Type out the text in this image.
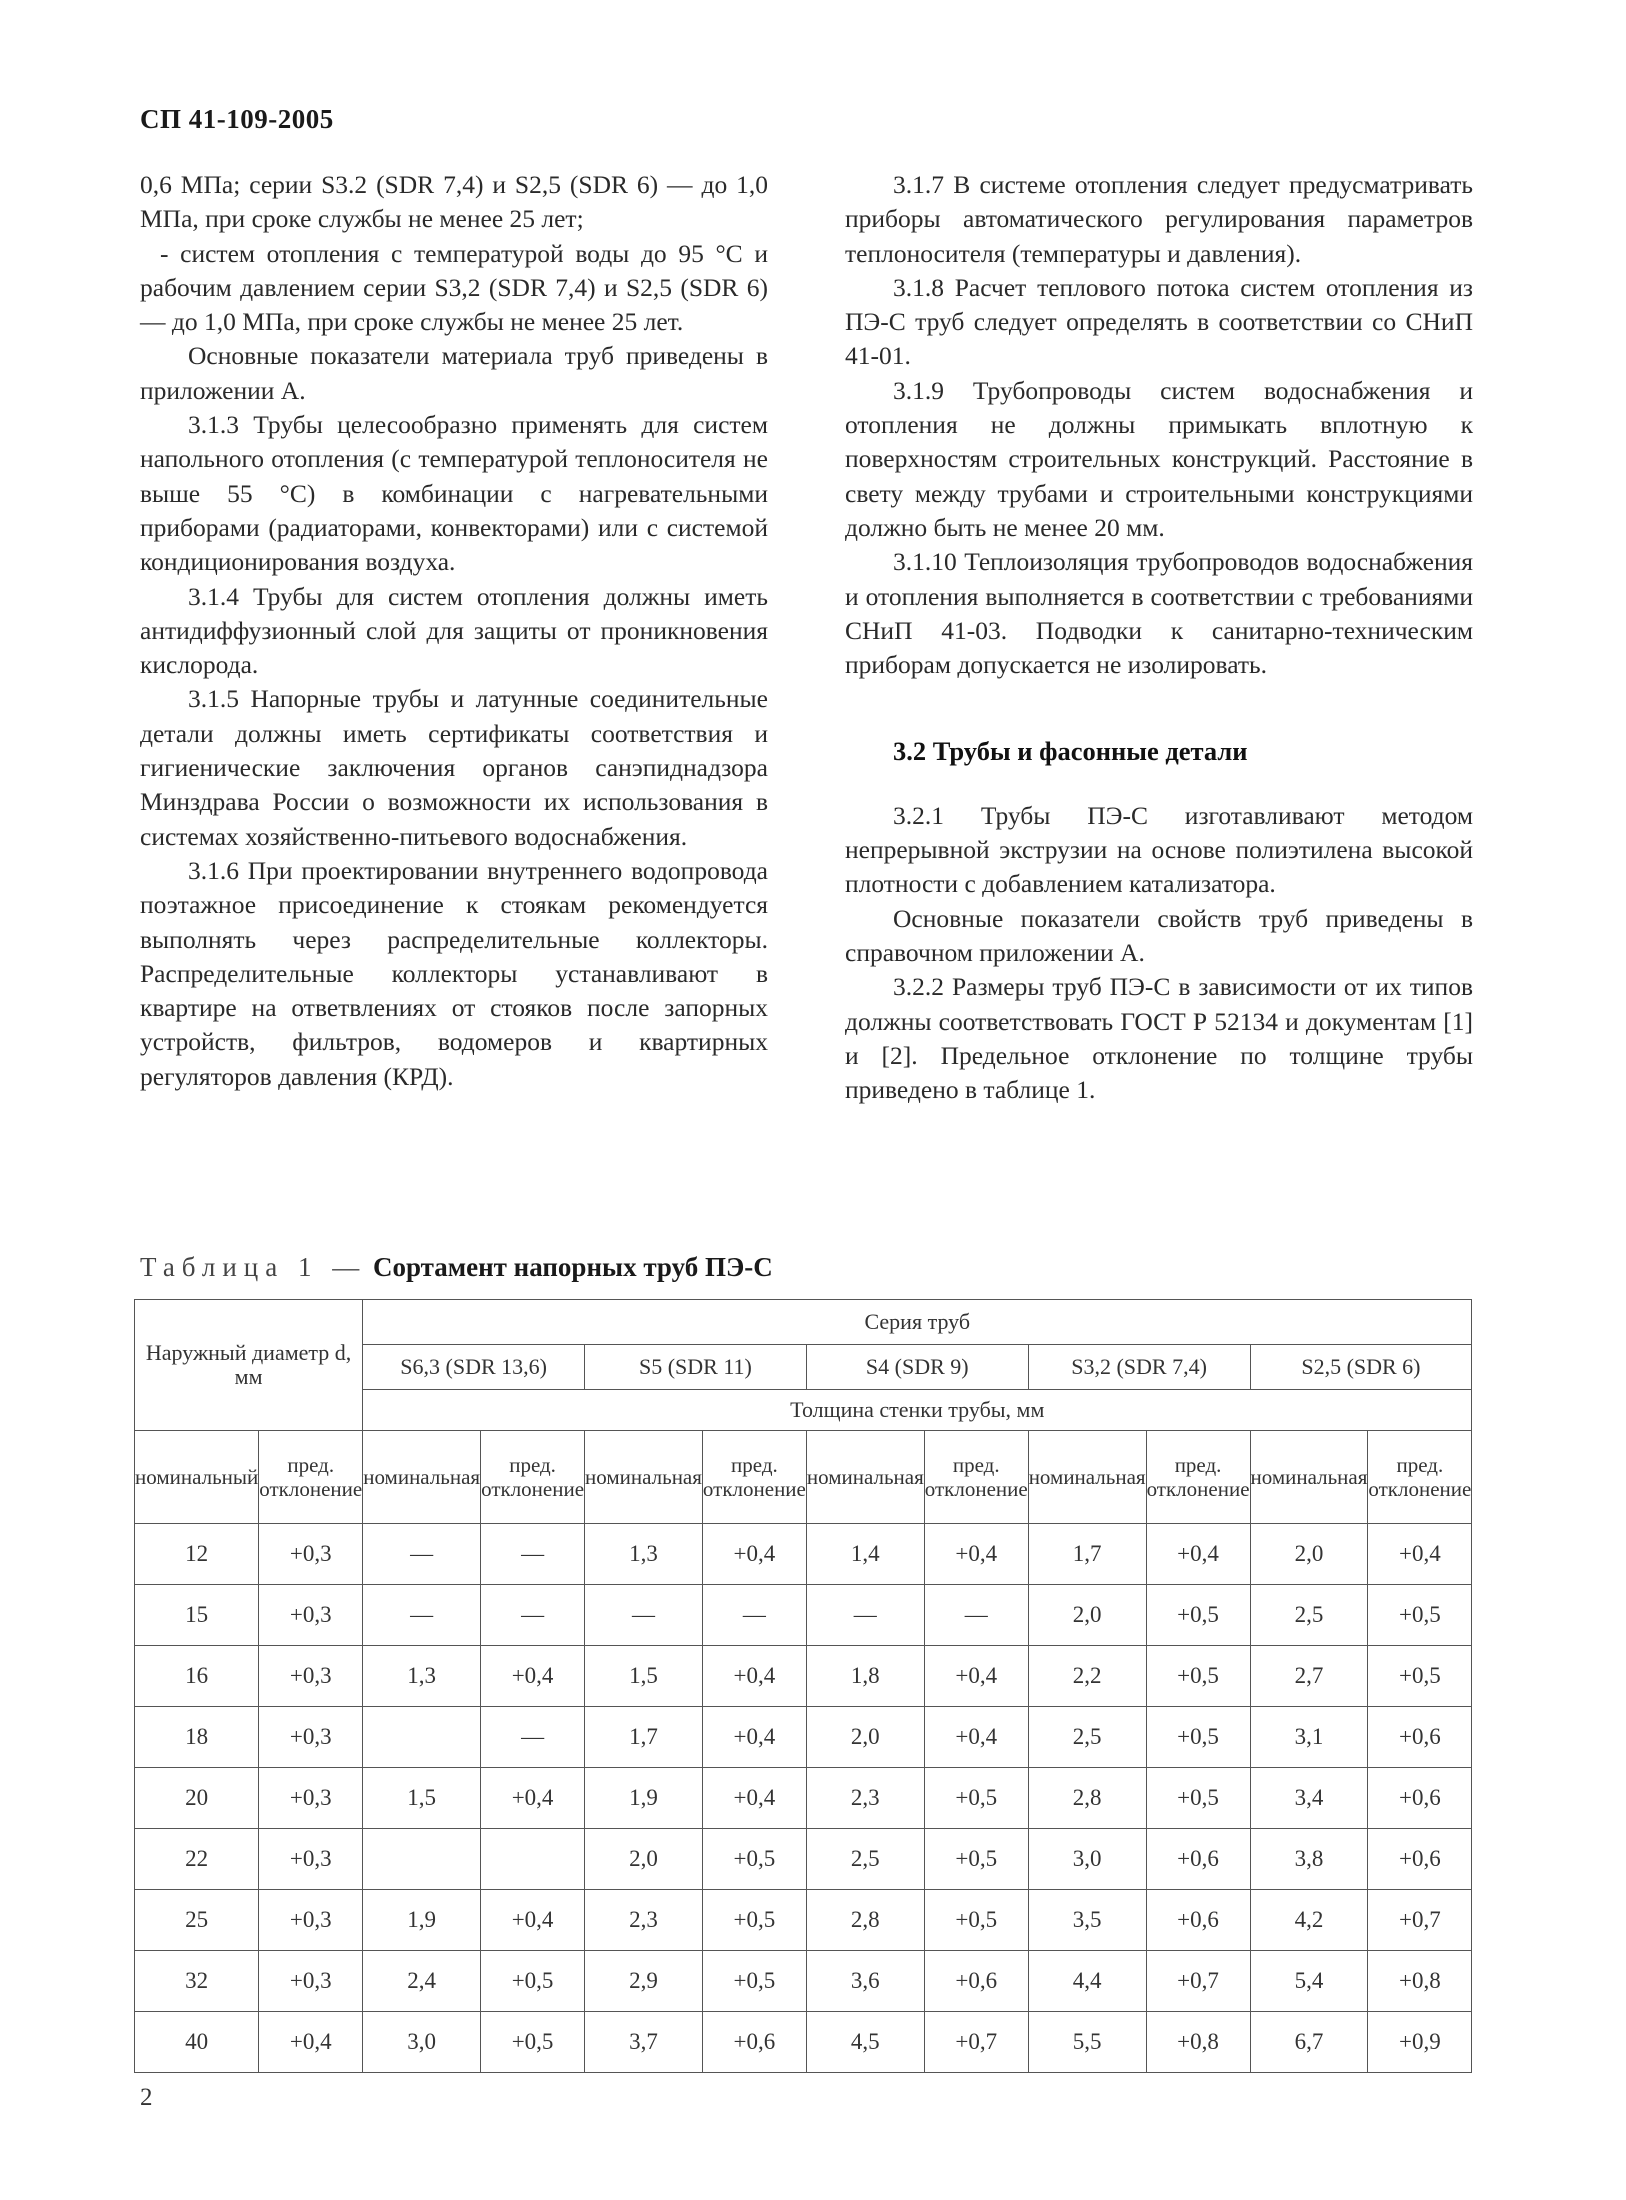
СП 41-109-2005

0,6 МПа; серии S3.2 (SDR 7,4) и S2,5 (SDR 6) — до 1,0 МПа, при сроке службы не менее 25 лет;

- систем отопления с температурой воды до 95 °С и рабочим давлением серии S3,2 (SDR 7,4) и S2,5 (SDR 6) — до 1,0 МПа, при сроке службы не менее 25 лет.

Основные показатели материала труб приведены в приложении А.

3.1.3 Трубы целесообразно применять для систем напольного отопления (с температурой теплоносителя не выше 55 °С) в комбинации с нагревательными приборами (радиаторами, конвекторами) или с системой кондиционирования воздуха.

3.1.4 Трубы для систем отопления должны иметь антидиффузионный слой для защиты от проникновения кислорода.

3.1.5 Напорные трубы и латунные соединительные детали должны иметь сертификаты соответствия и гигиенические заключения органов санэпиднадзора Минздрава России о возможности их использования в системах хозяйственно-питьевого водоснабжения.

3.1.6 При проектировании внутреннего водопровода поэтажное присоединение к стоякам рекомендуется выполнять через распределительные коллекторы. Распределительные коллекторы устанавливают в квартире на ответвлениях от стояков после запорных устройств, фильтров, водомеров и квартирных регуляторов давления (КРД).

3.1.7 В системе отопления следует предусматривать приборы автоматического регулирования параметров теплоносителя (температуры и давления).

3.1.8 Расчет теплового потока систем отопления из ПЭ-С труб следует определять в соответствии со СНиП 41-01.

3.1.9 Трубопроводы систем водоснабжения и отопления не должны примыкать вплотную к поверхностям строительных конструкций. Расстояние в свету между трубами и строительными конструкциями должно быть не менее 20 мм.

3.1.10 Теплоизоляция трубопроводов водоснабжения и отопления выполняется в соответствии с требованиями СНиП 41-03. Подводки к санитарно-техническим приборам допускается не изолировать.

3.2 Трубы и фасонные детали

3.2.1 Трубы ПЭ-С изготавливают методом непрерывной экструзии на основе полиэтилена высокой плотности с добавлением катализатора.

Основные показатели свойств труб приведены в справочном приложении А.

3.2.2 Размеры труб ПЭ-С в зависимости от их типов должны соответствовать ГОСТ Р 52134 и документам [1] и [2]. Предельное отклонение по толщине трубы приведено в таблице 1.

Таблица 1 — Сортамент напорных труб ПЭ-С
Наружный диаметр d, мм		Серия труб									
		S6,3 (SDR 13,6)		S5 (SDR 11)		S4 (SDR 9)		S3,2 (SDR 7,4)		S2,5 (SDR 6)	
		Толщина стенки трубы, мм									
номинальный	пред. отклонение	номинальная	пред. отклонение	номинальная	пред. отклонение	номинальная	пред. отклонение	номинальная	пред. отклонение	номинальная	пред. отклонение
12	+0,3	—	—	1,3	+0,4	1,4	+0,4	1,7	+0,4	2,0	+0,4
15	+0,3	—	—	—	—	—	—	2,0	+0,5	2,5	+0,5
16	+0,3	1,3	+0,4	1,5	+0,4	1,8	+0,4	2,2	+0,5	2,7	+0,5
18	+0,3		—	1,7	+0,4	2,0	+0,4	2,5	+0,5	3,1	+0,6
20	+0,3	1,5	+0,4	1,9	+0,4	2,3	+0,5	2,8	+0,5	3,4	+0,6
22	+0,3			2,0	+0,5	2,5	+0,5	3,0	+0,6	3,8	+0,6
25	+0,3	1,9	+0,4	2,3	+0,5	2,8	+0,5	3,5	+0,6	4,2	+0,7
32	+0,3	2,4	+0,5	2,9	+0,5	3,6	+0,6	4,4	+0,7	5,4	+0,8
40	+0,4	3,0	+0,5	3,7	+0,6	4,5	+0,7	5,5	+0,8	6,7	+0,9
2
